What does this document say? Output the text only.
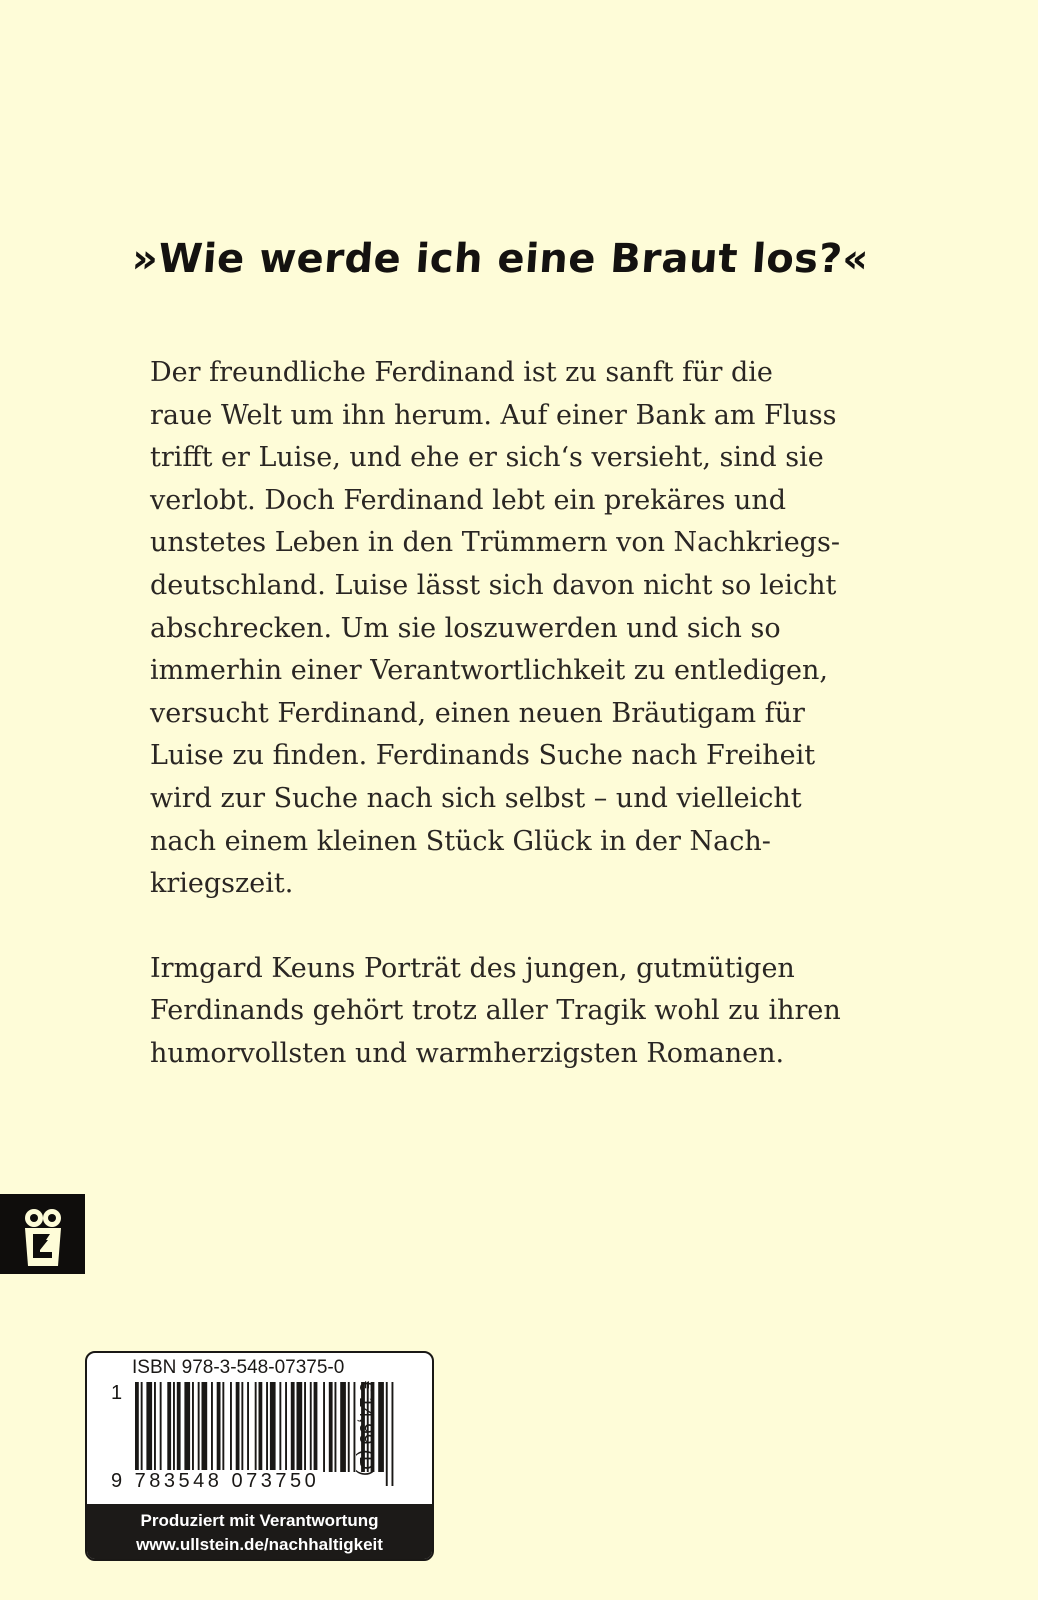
»Wie werde ich eine Braut los?«
Der freundliche Ferdinand ist zu sanft für die
raue Welt um ihn herum. Auf einer Bank am Fluss
trifft er Luise, und ehe er sich‘s versieht, sind sie
verlobt. Doch Ferdinand lebt ein prekäres und
unstetes Leben in den Trümmern von Nachkriegs-
deutschland. Luise lässt sich davon nicht so leicht
abschrecken. Um sie loszuwerden und sich so
immerhin einer Verantwortlichkeit zu entledigen,
versucht Ferdinand, einen neuen Bräutigam für
Luise zu finden. Ferdinands Suche nach Freiheit
wird zur Suche nach sich selbst – und vielleicht
nach einem kleinen Stück Glück in der Nach-
kriegszeit.
Irmgard Keuns Porträt des jungen, gutmütigen
Ferdinands gehört trotz aller Tragik wohl zu ihren
humorvollsten und warmherzigsten Romanen.
ISBN 978-3-548-07375-0
1
9 783548 073750
Produziert mit Verantwortung
www.ullstein.de/nachhaltigkeit
€ 14,99 (D)
